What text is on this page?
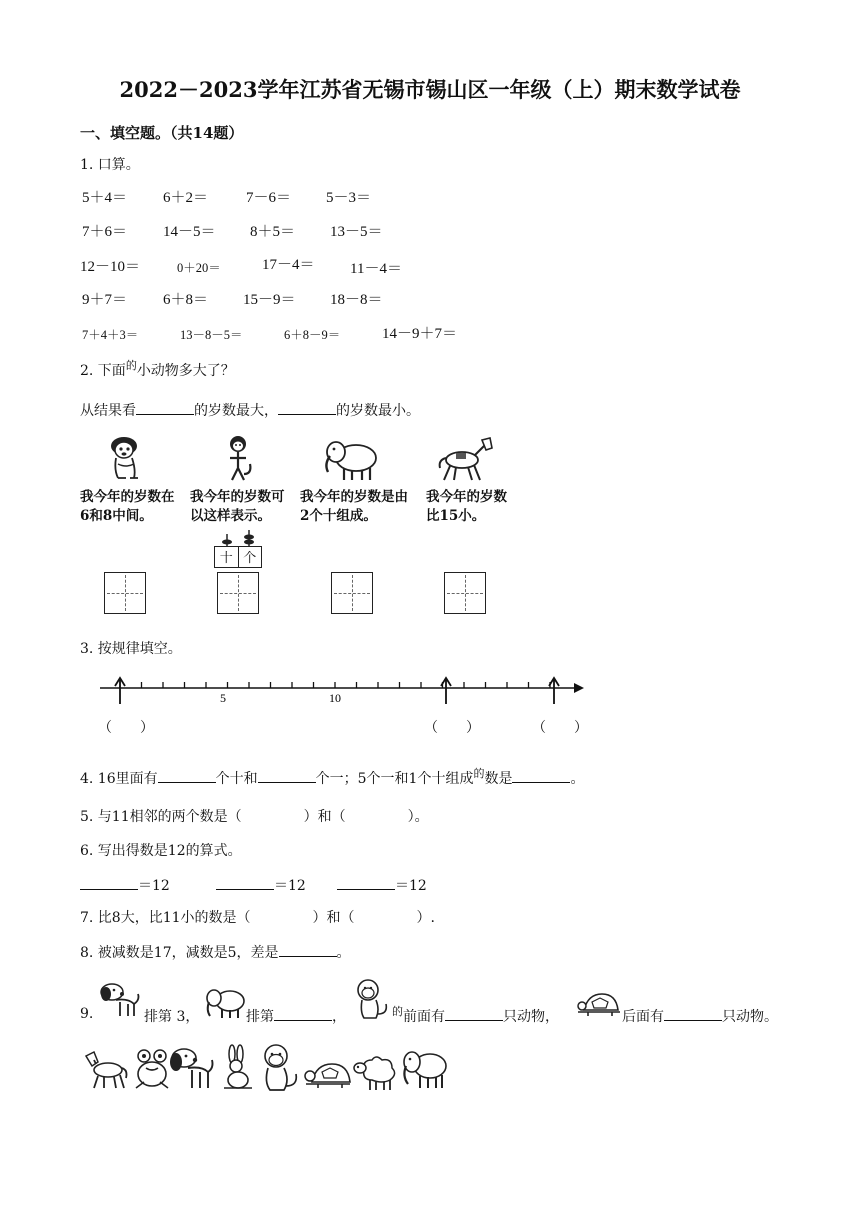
2022－2023学年江苏省无锡市锡山区一年级（上）期末数学试卷
一、填空题。（共14题）
1. 口算。
5＋4＝ 6＋2＝	7－6＝ 5－3＝
7＋6＝ 14－5＝ 8＋5＝ 13－5＝
12－10＝	0＋20＝	17－4＝ 11－4＝
9＋7＝ 6＋8＝ 15－9＝ 18－8＝
7＋4＋3＝	13－8－5＝	6＋8－9＝	14－9＋7＝
2. 下面$^的$小动物多大了？
从结果看	的岁数最大，	的岁数最小。
我今年的岁数在6和8中间。
我今年的岁数可以这样表示。
我今年的岁数是由2个十组成。
我今年的岁数比15小。
十 个
3. 按规律填空。
5	10
（　　）	（　　）	（　　）
4. 16里面有	个十和	个一；5个一和1个十组成$^的$数是	。
5. 与11相邻的两个数是（	）和（	）。
6. 写出得数是12的算式。
＝12	＝12	＝12
7. 比8大，比11小的数是（	）和（	）.
8. 被减数是17，减数是5，差是	。
9.	排第 3，	排第	，	$^的$前面有	只动物，	后面有	只动物。
